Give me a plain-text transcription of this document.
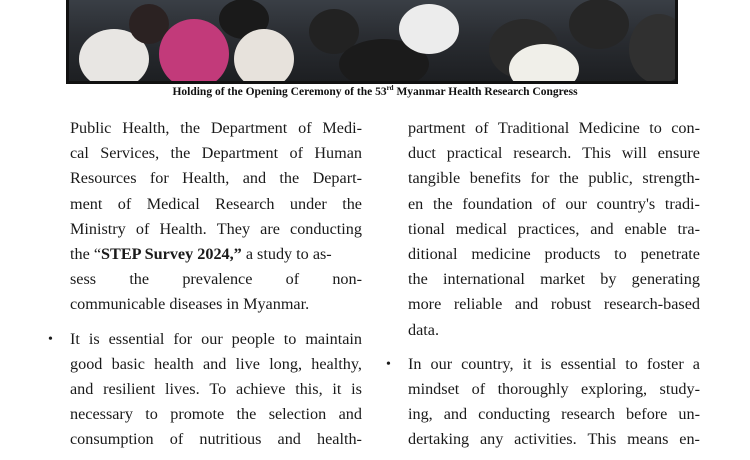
Holding of the Opening Ceremony of the 53rd Myanmar Health Research Congress
Public Health, the Department of Medi-
cal Services, the Department of Human
Resources for Health, and the Depart-
ment of Medical Research under the
Ministry of Health. They are conducting
the “ STEP Survey 2024,” a study to as-
sess the prevalence of non-
communicable diseases in Myanmar.
• It is essential for our people to maintain
good basic health and live long, healthy,
and resilient lives. To achieve this, it is
necessary to promote the selection and
consumption of nutritious and health-
partment of Traditional Medicine to con-
duct practical research. This will ensure
tangible benefits for the public, strength-
en the foundation of our country's tradi-
tional medical practices, and enable tra-
ditional medicine products to penetrate
the international market by generating
more reliable and robust research-based
data.
• In our country, it is essential to foster a
mindset of thoroughly exploring, study-
ing, and conducting research before un-
dertaking any activities. This means en-
